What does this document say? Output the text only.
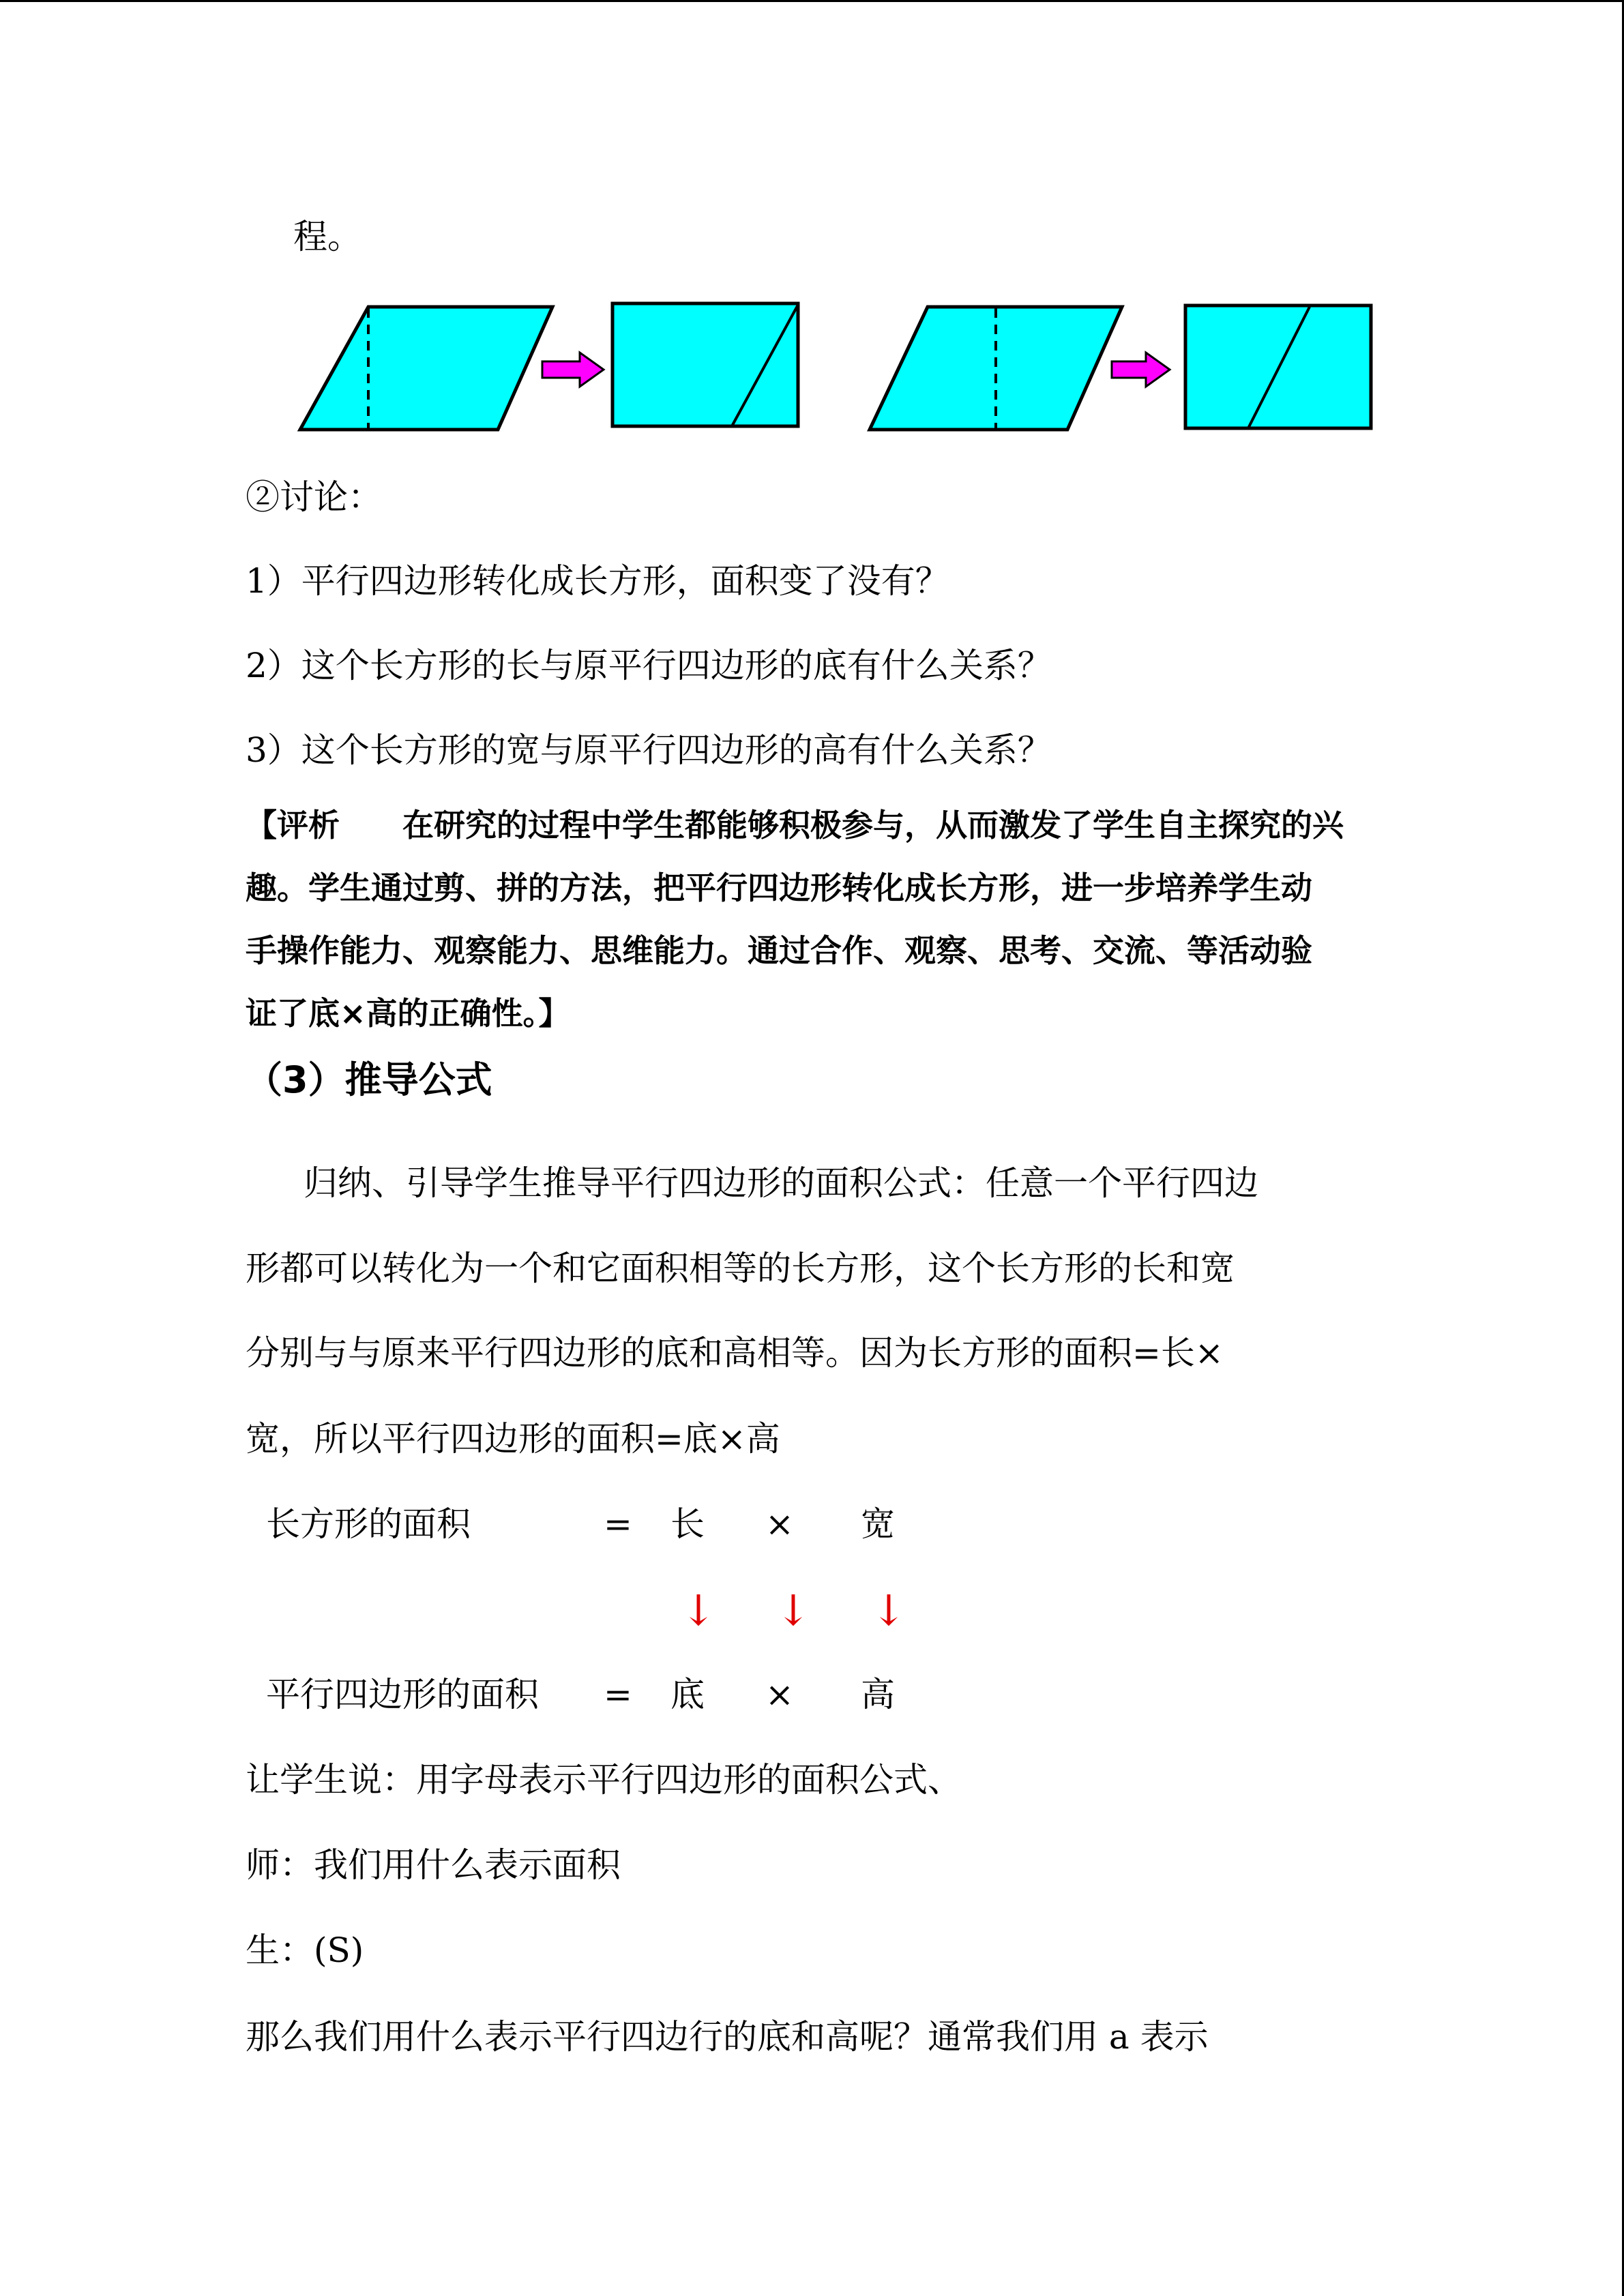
程。
②讨论：
1）平行四边形转化成长方形，面积变了没有？
2）这个长方形的长与原平行四边形的底有什么关系？
3）这个长方形的宽与原平行四边形的高有什么关系？
【评析　　在研究的过程中学生都能够积极参与，从而激发了学生自主探究的兴
趣。学生通过剪、拼的方法，把平行四边形转化成长方形，进一步培养学生动
手操作能力、观察能力、思维能力。通过合作、观察、思考、交流、等活动验
证了底×高的正确性。】
（3）推导公式
归纳、引导学生推导平行四边形的面积公式：任意一个平行四边
形都可以转化为一个和它面积相等的长方形，这个长方形的长和宽
分别与与原来平行四边形的底和高相等。因为长方形的面积=长×
宽，所以平行四边形的面积=底×高
长方形的面积	= 长 × 宽
↓ ↓ ↓
平行四边形的面积 = 底 × 高
让学生说：用字母表示平行四边形的面积公式、
师：我们用什么表示面积
生：(S)
那么我们用什么表示平行四边行的底和高呢？通常我们用 a 表示
